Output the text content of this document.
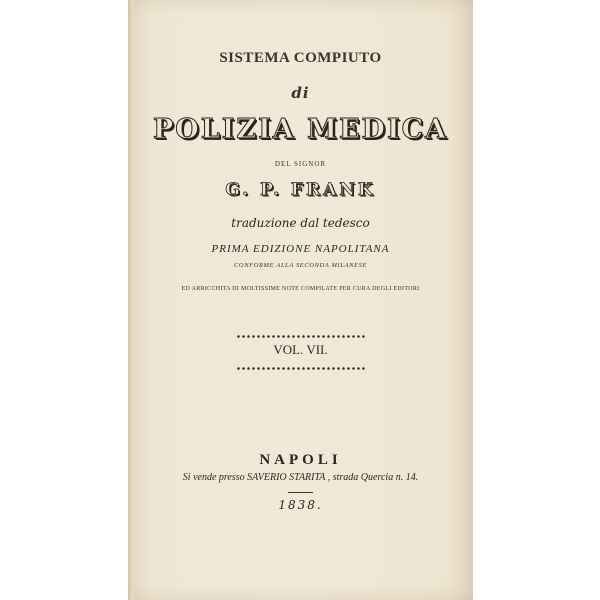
SISTEMA COMPIUTO
di
POLIZIA MEDICA
DEL SIGNOR
G. P. FRANK
traduzione dal tedesco
PRIMA EDIZIONE NAPOLITANA
CONFORME ALLA SECONDA MILANESE
ED ARRICCHITA DI MOLTISSIME NOTE COMPILATE PER CURA DEGLI EDITORI
VOL. VII.
NAPOLI
Si vende presso SAVERIO STARITA , strada Quercia n. 14.
1838.
